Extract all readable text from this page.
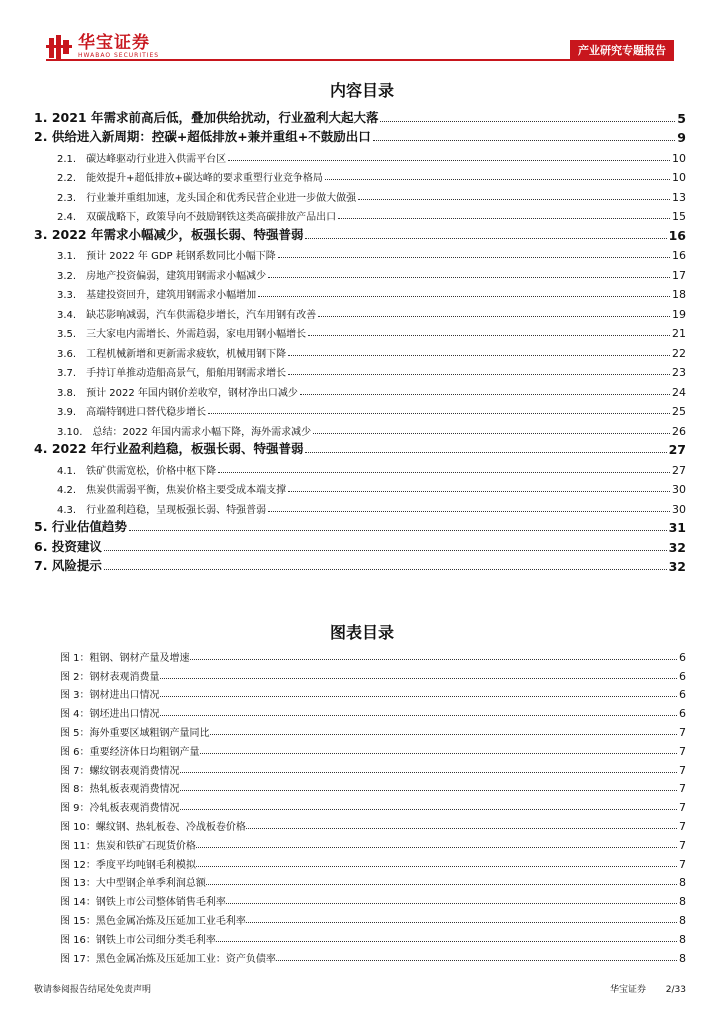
华宝证券
HWABAO SECURITIES	产业研究专题报告
内容目录
1. 2021 年需求前高后低，叠加供给扰动，行业盈利大起大落	5
2. 供给进入新周期：控碳+超低排放+兼并重组+不鼓励出口	9
2.1.  碳达峰驱动行业进入供需平台区	10
2.2.  能效提升+超低排放+碳达峰的要求重塑行业竞争格局	10
2.3.  行业兼并重组加速，龙头国企和优秀民营企业进一步做大做强	13
2.4.  双碳战略下，政策导向不鼓励钢铁这类高碳排放产品出口	15
3. 2022 年需求小幅减少，板强长弱、特强普弱	16
3.1.  预计 2022 年 GDP 耗钢系数同比小幅下降	16
3.2.  房地产投资偏弱，建筑用钢需求小幅减少	17
3.3.  基建投资回升，建筑用钢需求小幅增加	18
3.4.  缺芯影响减弱，汽车供需稳步增长，汽车用钢有改善	19
3.5.  三大家电内需增长、外需趋弱，家电用钢小幅增长	21
3.6.  工程机械新增和更新需求疲软，机械用钢下降	22
3.7.  手持订单推动造船高景气，船舶用钢需求增长	23
3.8.  预计 2022 年国内钢价差收窄，钢材净出口减少	24
3.9.  高端特钢进口替代稳步增长	25
3.10.  总结：2022 年国内需求小幅下降，海外需求减少	26
4. 2022 年行业盈利趋稳，板强长弱、特强普弱	27
4.1.  铁矿供需宽松，价格中枢下降	27
4.2.  焦炭供需弱平衡，焦炭价格主要受成本端支撑	30
4.3.  行业盈利趋稳，呈现板强长弱、特强普弱	30
5. 行业估值趋势	31
6. 投资建议	32
7. 风险提示	32
图表目录
图 1：粗钢、钢材产量及增速	6
图 2：钢材表观消费量	6
图 3：钢材进出口情况	6
图 4：钢坯进出口情况	6
图 5：海外重要区域粗钢产量同比	7
图 6：重要经济体日均粗钢产量	7
图 7：螺纹钢表观消费情况	7
图 8：热轧板表观消费情况	7
图 9：冷轧板表观消费情况	7
图 10：螺纹钢、热轧板卷、冷战板卷价格	7
图 11：焦炭和铁矿石现货价格	7
图 12：季度平均吨钢毛利模拟	7
图 13：大中型钢企单季利润总额	8
图 14：钢铁上市公司整体销售毛利率	8
图 15：黑色金属冶炼及压延加工业毛利率	8
图 16：钢铁上市公司细分类毛利率	8
图 17：黑色金属冶炼及压延加工业：资产负债率	8
敬请参阅报告结尾处免责声明	华宝证券 2/33
